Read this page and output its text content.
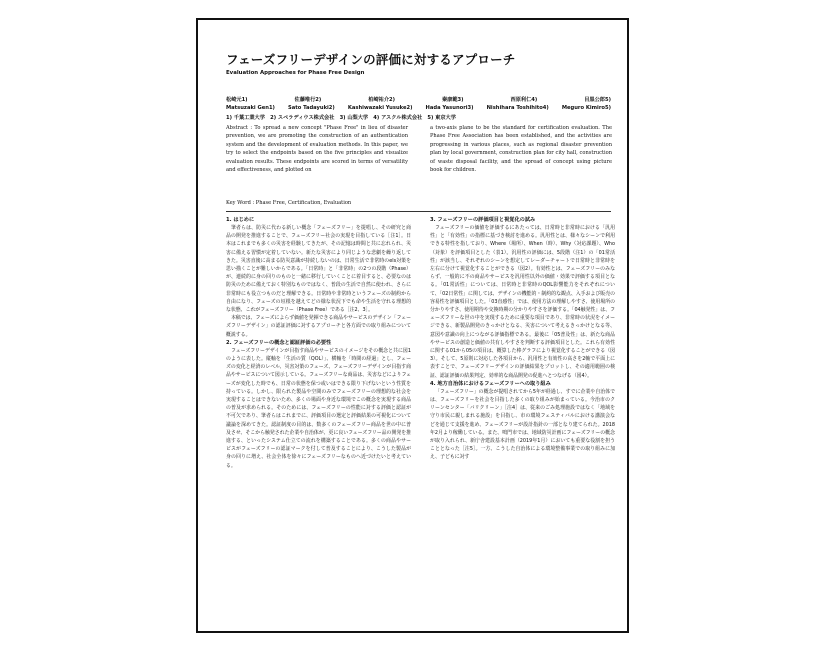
フェーズフリーデザインの評価に対するアプローチ
Evaluation Approaches for Phase Free Design
松崎元1)	佐藤唯行2)	柏崎祐介2)	秦康範3)	西原利仁4)	目黒公郎5)
Matsuzaki Gen1)	Sato Tadayuki2)	Kashiwazaki Yusuke2)	Hada Yasunori3)	Nishihara Toshihito4)	Meguro Kimiro5)
1) 千葉工業大学　2) スペラディウス株式会社　3) 山梨大学　4) アスクル株式会社　5) 東京大学

Abstract : To spread a new concept "Phase Free" in lieu of disaster prevention, we are promoting the construction of an authentication system and the development of evaluation methods. In this paper, we try to select the endpoints based on the five principles and visualize evaluation results. These endpoints are scored in terms of versatility and effectiveness, and plotted on

a two-axis plane to be the standard for certification evaluation. The Phase Free Association has been established, and the activities are progressing in various places, such as regional disaster prevention plan by local government, construction plan for city hall, construction of waste disposal facility, and the spread of concept using picture book for children.

Key Word : Phase Free, Certification, Evaluation

1. はじめに

筆者らは、防災に代わる新しい概念「フェーズフリー」を提唱し、その研究と商品の開発を推進することで、フェーズフリー社会の実現を目指している［注1］。日本はこれまでも多くの災害を経験してきたが、その記憶は時間と共に忘れられ、災害に備える習慣が定着していない。新たな災害により同じような悲劇を繰り返してきた。災害直後に高まる防災意識が持続しないのは、日常生活で非常時のels対策を思い描くことが難しいからである。「日常時」と「非常時」の2つの段階（Phase）が、連続的に身の回りのものと一緒に移行していくことに着目すると、必要なのは防災のために備えておく特別なものではなく、普段の生活で自然に使われ、さらに非常時にも役立つものだと理解できる。日常時や非常時というフェーズの制約から自由になり、フェーズの垣根を越えてどの様な状況下でも命や生活を守れる理想的な状態、これがフェーズフリー（Phase Free）である［注2、3］。

本稿では、フェーズによらず価値を発揮できる商品やサービスのデザイン「フェーズフリーデザイン」の認証評価に対するアプローチと各方面での取り組みについて概説する。

2. フェーズフリーの概念と認証評価の必要性

フェーズフリーデザインが目指す商品やサービスのイメージをその概念と共に図1のように表した。縦軸を「生活の質（QOL）」、横軸を「時間の経過」とし、フェーズの変化と経済のレベル、災害対策のフェーズ、フェーズフリーデザインが目指す商品やサービスについて図示している。フェーズフリーな商品は、災害などによりフェーズが変化した時でも、日常の状態を保つ或いはできる限り下げないという性質を持っている。しかし、限られた製品や空間のみでフェーズフリーの理想的な社会を実現することはできないため、多くの場面や身近な環境でこの概念を実現する商品の普及が求められる。そのためには、フェーズフリーの性能に対する評価と認証が不可欠であり、筆者らはこれまでに、評価項目の選定と評価結果の可視化について議論を深めてきた。認証制度の目的は、数多くのフェーズフリー商品を世の中に普及させ、そこから触発された企業や自治体が、更に良いフェーズフリー品の開発を推進する、といったシステム仕立ての流れを構築することである。多くの商品やサービスがフェーズフリーの認証マークを付して普及することにより、こうした製品が身の回りに増え、社会全体を徐々にフェーズフリーなものへ近づけたいと考えている。

3. フェーズフリーの評価項目と視覚化の試み

フェーズフリーの価値を評価するにあたっては、日常時と非常時における「汎用性」と「有効性」の指標に基づき検討を進める。汎用性とは、様々なシーンで利用できる特性を指しており、Where（場所）、When（時）、Why（対応課題）、Who（対象）を評価項目とした（表1）。汎用性の評価には、5段階（注1）の「01常活性」が該当し、それぞれのシーンを想定してレーダーチャートで日常時と非常時を左右に分けて視覚化することができる（図2）。有効性とは、フェーズフリーのみならず、一般的に不の商品やサービスを汎用性以外の価値・効果で評価する項目となる。「01常活性」については、日常時と非常時のQOL影響能力をそれぞれについて、「02日常性」に関しては、デザインの機能的・制約的な観点、入手および販売の容易性を評価項目とした。「03直感性」では、使用方法の理解しやすさ、使用場所の分かりやすさ、使用期待や交換時期の分かりやすさを評価する。「04触発性」は、フェーズフリーな世の中を実現するために重要な項目であり、非常時の状況をイメージできる、新製品開発のきっかけとなる、災害について考えるきっかけとなる等、意図や意識の向上につながる評価指標である。最後に「05普及性」は、新たな商品やサービスの創造と価値の共有しやすさを判断する評価項目とした。これら有効性に関する01から05の項目は、概算した棒グラフにより視覚化することができる（図3）。そして、5原則に対応した各項目から、汎用性と有効性の高さを2軸で平面上に表すことで、フェーズフリーデザインの評価結果をプロットし、その適用範囲の検証、認証評価の結果判定、効率的な商品開発の促進へとつなげる（図4）。

4. 地方自治体におけるフェーズフリーへの取り組み

「フェーズフリー」の概念が提唱されてから5年が経過し、すでに企業や自治体では、フェーズフリーを社会を目指した多くの取り組みが始まっている。今治市のクリーンセンター「バリクリーン」［注4］は、従来のごみ処理施設ではなく「地域を守り市民に親しまれる施設」を目指し、市の環境フェスティバルにおける講演会などを通じて支援を進め、フェーズフリーが設計指針の一部となり建てられた。2018年2月より稼働している。また、鳴門市では、地域防災計画にフェーズフリーの概念が取り入れられ、新庁舎建設基本計画（2019年1月）においても重要な役割を担うこととなった［注5］。一方、こうした自治体による環境整備事業での取り組みに加え、子どもに対す
